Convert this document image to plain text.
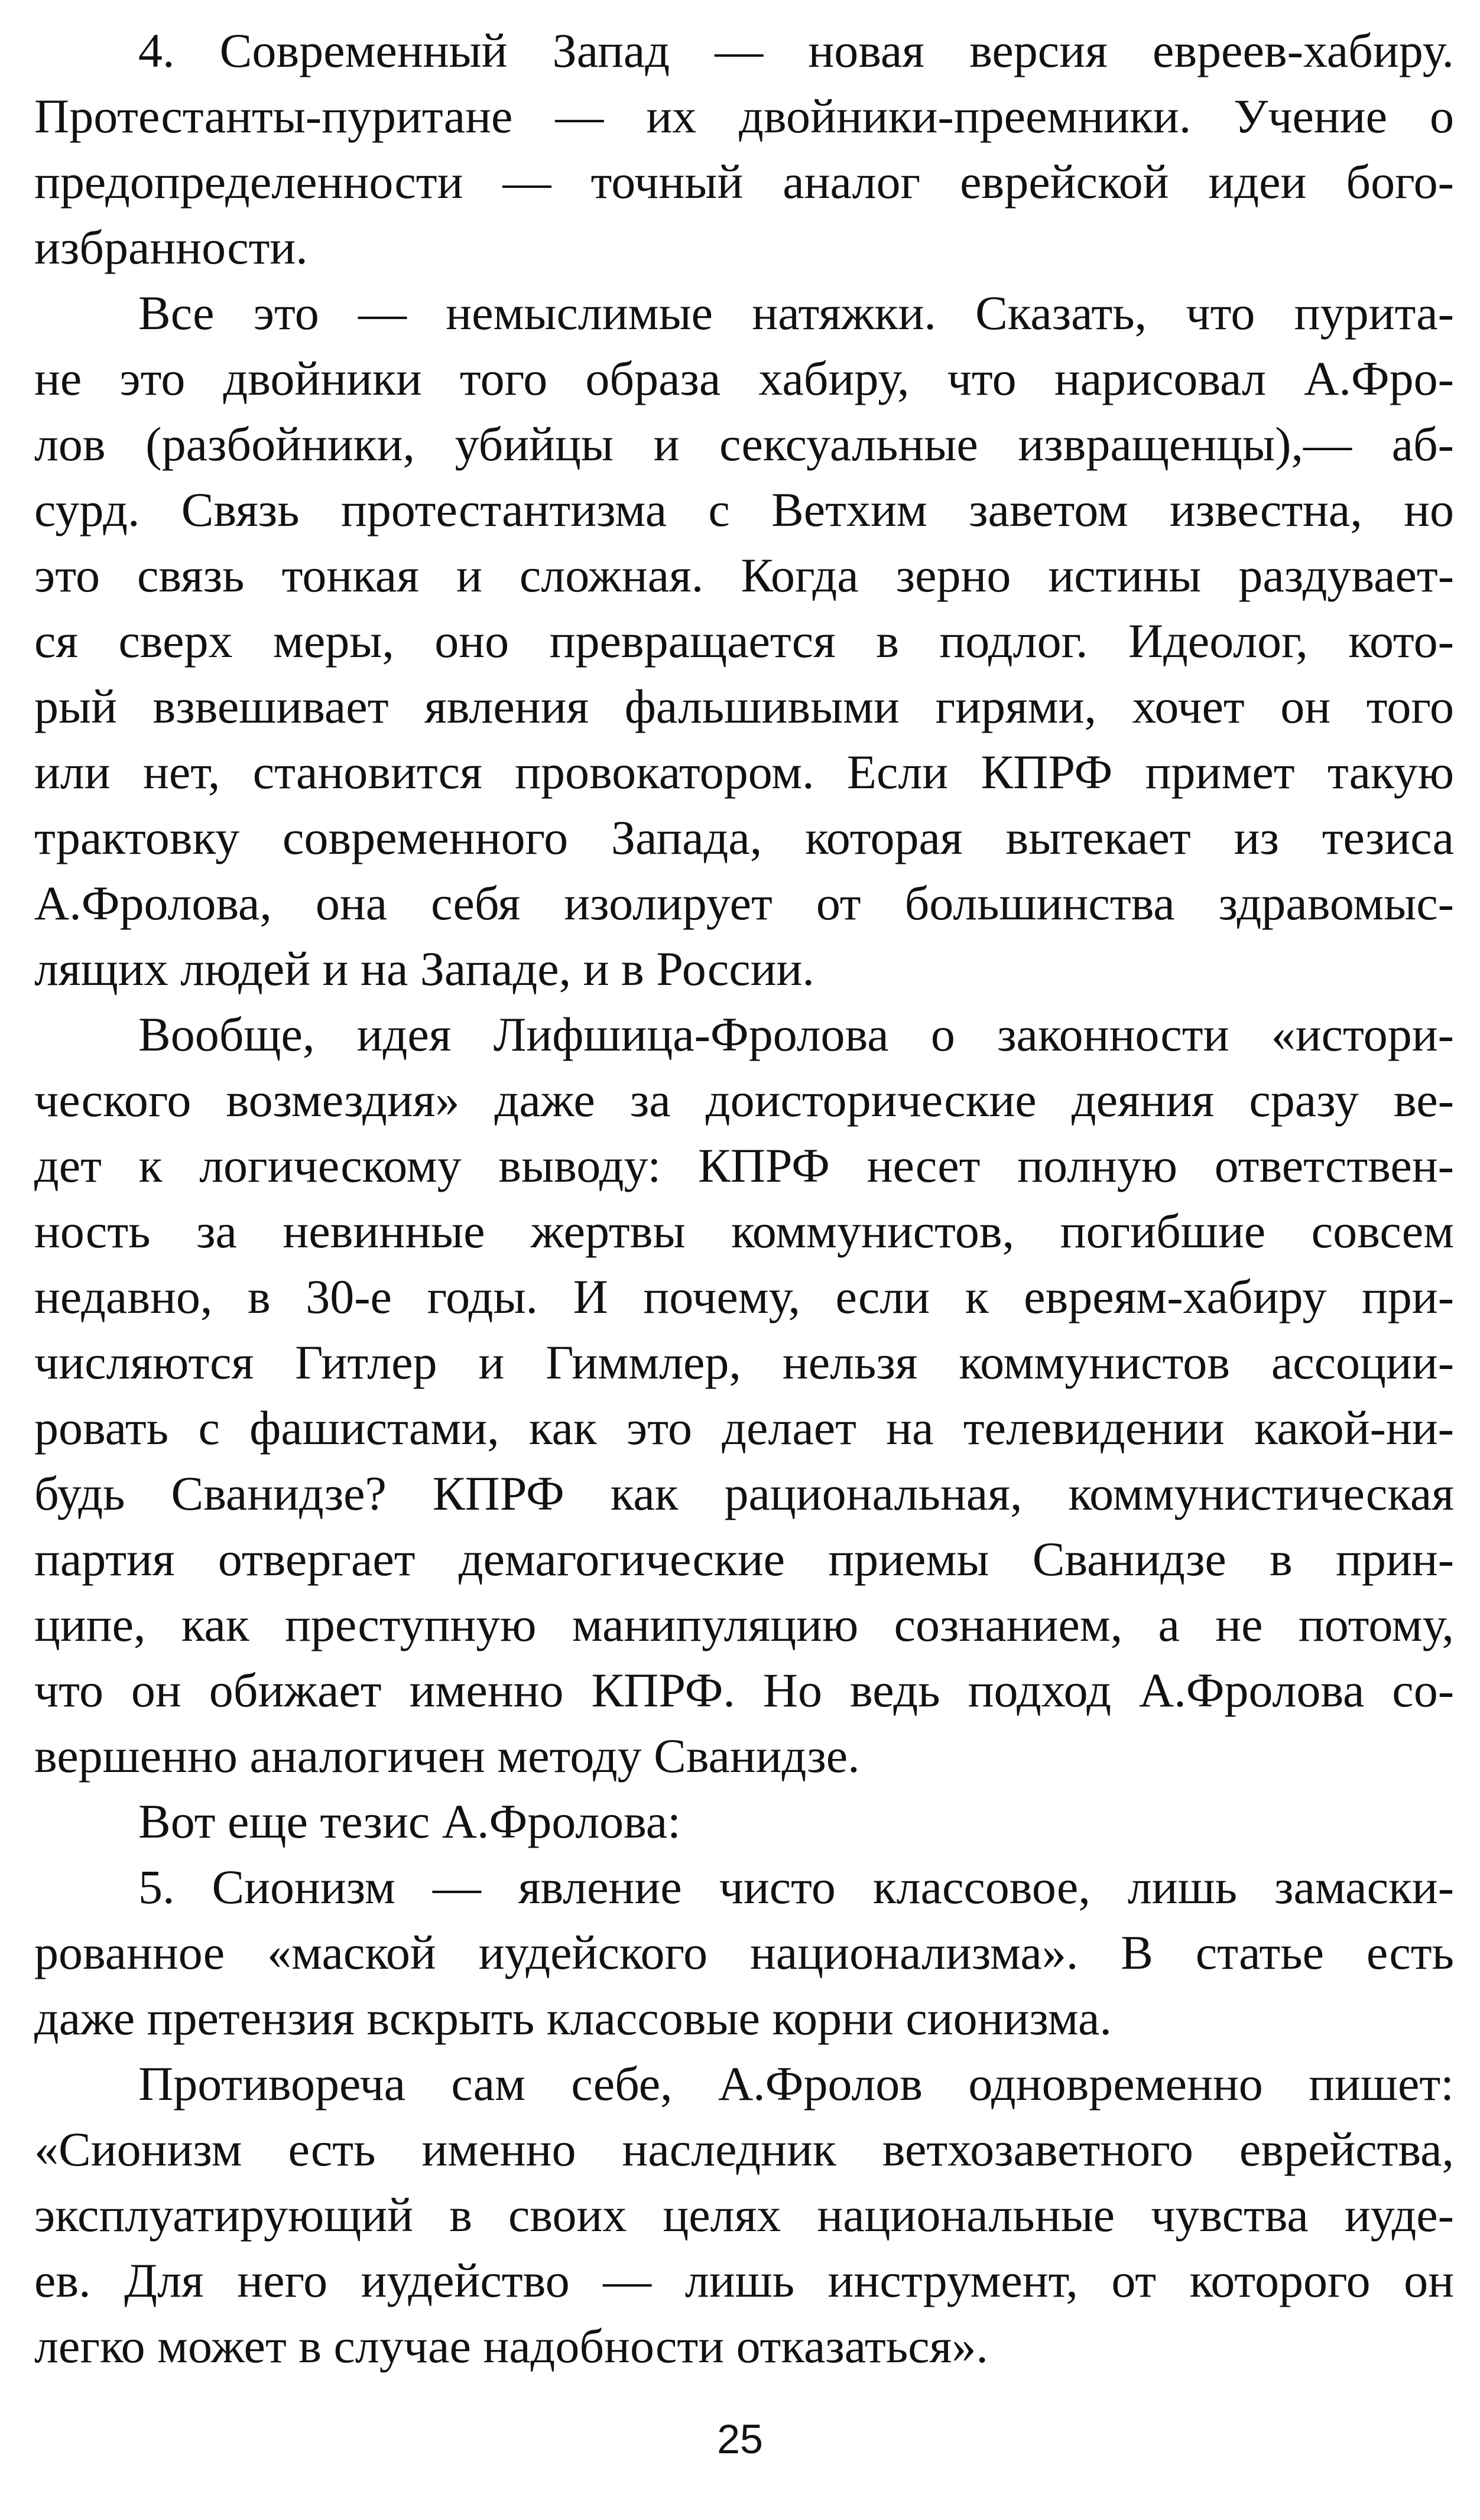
4. Современный Запад — новая версия евреев-хабиру.

Протестанты-пуритане — их двойники-преемники. Учение о

предопределенности — точный аналог еврейской идеи бого-

избранности.

Все это — немыслимые натяжки. Сказать, что пурита-

не это двойники того образа хабиру, что нарисовал А.Фро-

лов (разбойники, убийцы и сексуальные извращенцы),— аб-

сурд. Связь протестантизма с Ветхим заветом известна, но

это связь тонкая и сложная. Когда зерно истины раздувает-

ся сверх меры, оно превращается в подлог. Идеолог, кото-

рый взвешивает явления фальшивыми гирями, хочет он того

или нет, становится провокатором. Если КПРФ примет такую

трактовку современного Запада, которая вытекает из тезиса

А.Фролова, она себя изолирует от большинства здравомыс-

лящих людей и на Западе, и в России.

Вообще, идея Лифшица-Фролова о законности «истори-

ческого возмездия» даже за доисторические деяния сразу ве-

дет к логическому выводу: КПРФ несет полную ответствен-

ность за невинные жертвы коммунистов, погибшие совсем

недавно, в 30-е годы. И почему, если к евреям-хабиру при-

числяются Гитлер и Гиммлер, нельзя коммунистов ассоции-

ровать с фашистами, как это делает на телевидении какой-ни-

будь Сванидзе? КПРФ как рациональная, коммунистическая

партия отвергает демагогические приемы Сванидзе в прин-

ципе, как преступную манипуляцию сознанием, а не потому,

что он обижает именно КПРФ. Но ведь подход А.Фролова со-

вершенно аналогичен методу Сванидзе.

Вот еще тезис А.Фролова:

5. Сионизм — явление чисто классовое, лишь замаски-

рованное «маской иудейского национализма». В статье есть

даже претензия вскрыть классовые корни сионизма.

Противореча сам себе, А.Фролов одновременно пишет:

«Сионизм есть именно наследник ветхозаветного еврейства,

эксплуатирующий в своих целях национальные чувства иуде-

ев. Для него иудейство — лишь инструмент, от которого он

легко может в случае надобности отказаться».

25
